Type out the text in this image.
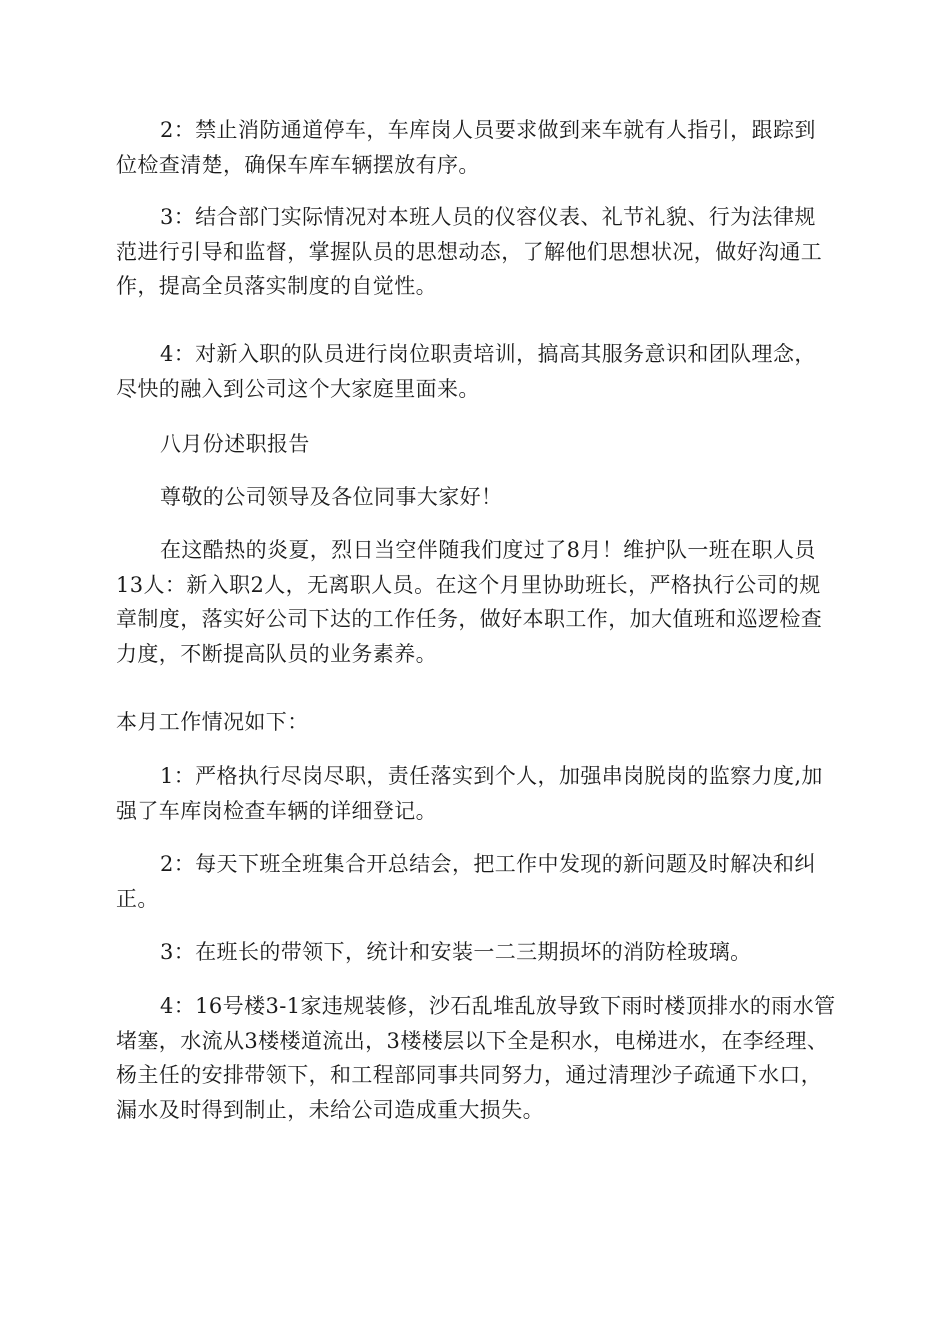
2：禁止消防通道停车，车库岗人员要求做到来车就有人指引，跟踪到位检查清楚，确保车库车辆摆放有序。

3：结合部门实际情况对本班人员的仪容仪表、礼节礼貌、行为法律规范进行引导和监督，掌握队员的思想动态，了解他们思想状况，做好沟通工作，提高全员落实制度的自觉性。

4：对新入职的队员进行岗位职责培训，搞高其服务意识和团队理念，尽快的融入到公司这个大家庭里面来。

八月份述职报告

尊敬的公司领导及各位同事大家好！

在这酷热的炎夏，烈日当空伴随我们度过了8月！维护队一班在职人员13人：新入职2人，无离职人员。在这个月里协助班长，严格执行公司的规章制度，落实好公司下达的工作任务，做好本职工作，加大值班和巡逻检查力度，不断提高队员的业务素养。

本月工作情况如下：

1：严格执行尽岗尽职，责任落实到个人，加强串岗脱岗的监察力度,加强了车库岗检查车辆的详细登记。

2：每天下班全班集合开总结会，把工作中发现的新问题及时解决和纠正。

3：在班长的带领下，统计和安装一二三期损坏的消防栓玻璃。

4：16号楼3-1家违规装修，沙石乱堆乱放导致下雨时楼顶排水的雨水管堵塞，水流从3楼楼道流出，3楼楼层以下全是积水，电梯进水，在李经理、杨主任的安排带领下，和工程部同事共同努力，通过清理沙子疏通下水口，漏水及时得到制止，未给公司造成重大损失。
